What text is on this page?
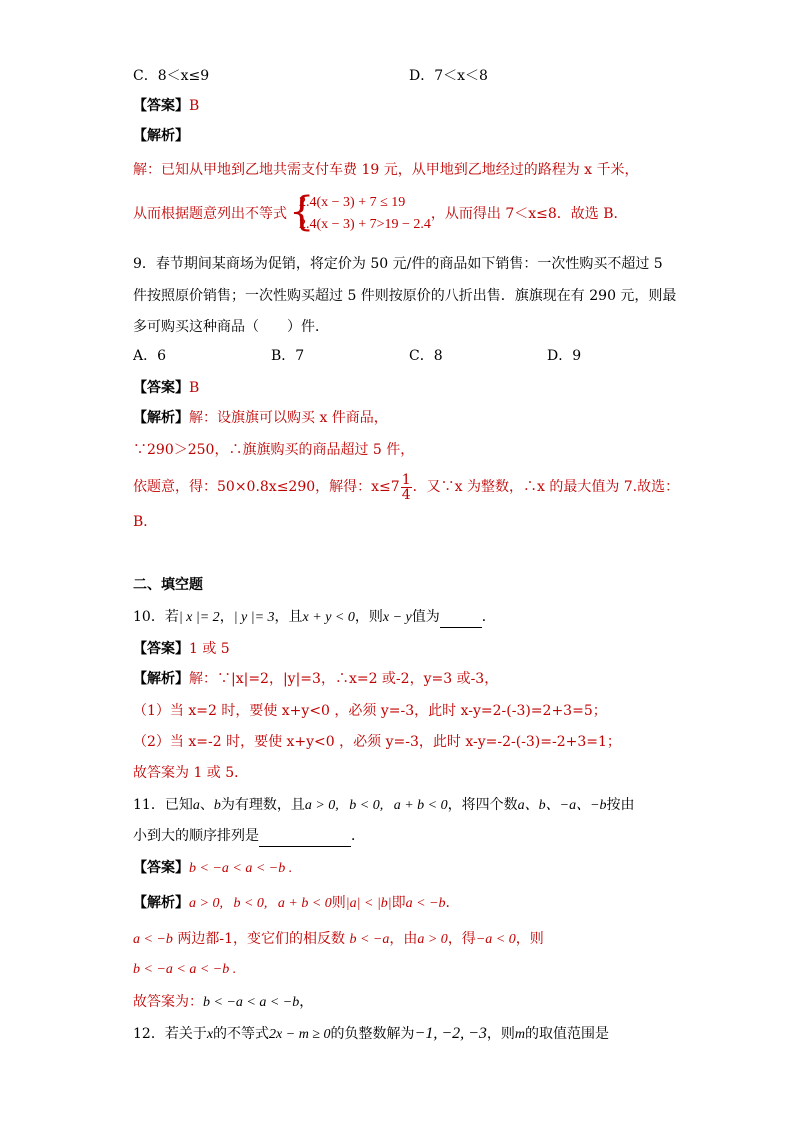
C．8＜x≤9	D．7＜x＜8
【答案】B
【解析】
解：已知从甲地到乙地共需支付车费 19 元，从甲地到乙地经过的路程为 x 千米，
从而根据题意列出不等式 {
2.4(x − 3) + 7 ≤ 19
2.4(x − 3) + 7>19 − 2.4
，从而得出 7＜x≤8．故选 B．
9．春节期间某商场为促销，将定价为 50 元/件的商品如下销售：一次性购买不超过 5
件按照原价销售；一次性购买超过 5 件则按原价的八折出售．旗旗现在有 290 元，则最
多可购买这种商品（　　）件．
A．6	B．7	C．8	D．9
【答案】B
【解析】解：设旗旗可以购买 x 件商品，
∵290＞250，∴旗旗购买的商品超过 5 件，
依题意，得：50×0.8x≤290，解得：$x\le 7 \frac{1}{4}$ ．又∵x 为整数，∴x 的最大值为 7.故选：
B．
二、填空题
10．若| x |= 2，| y |= 3，且x + y < 0，则x − y值为	．
【答案】1 或 5
【解析】解：∵|x|=2，|y|=3，∴x=2 或-2，y=3 或-3，
（1）当 x=2 时，要使 x+y<0 ，必须 y=-3，此时 x-y=2-(-3)=2+3=5；
（2）当 x=-2 时，要使 x+y<0 ，必须 y=-3，此时 x-y=-2-(-3)=-2+3=1；
故答案为 1 或 5．
11．已知a、b为有理数，且a > 0,   b < 0,   a + b < 0，将四个数a、b、−a、−b按由
小到大的顺序排列是	．
【答案】b < −a < a < −b .
【解析】a > 0,   b < 0,   a + b < 0则|a| < |b|即a < −b．
a < −b 两边都-1，变它们的相反数 b < −a，由a > 0，得−a < 0，则
b < −a < a < −b .
故答案为：b < −a < a < −b，
12．若关于x的不等式2x − m ≥ 0的负整数解为−1, −2, −3，则m的取值范围是
